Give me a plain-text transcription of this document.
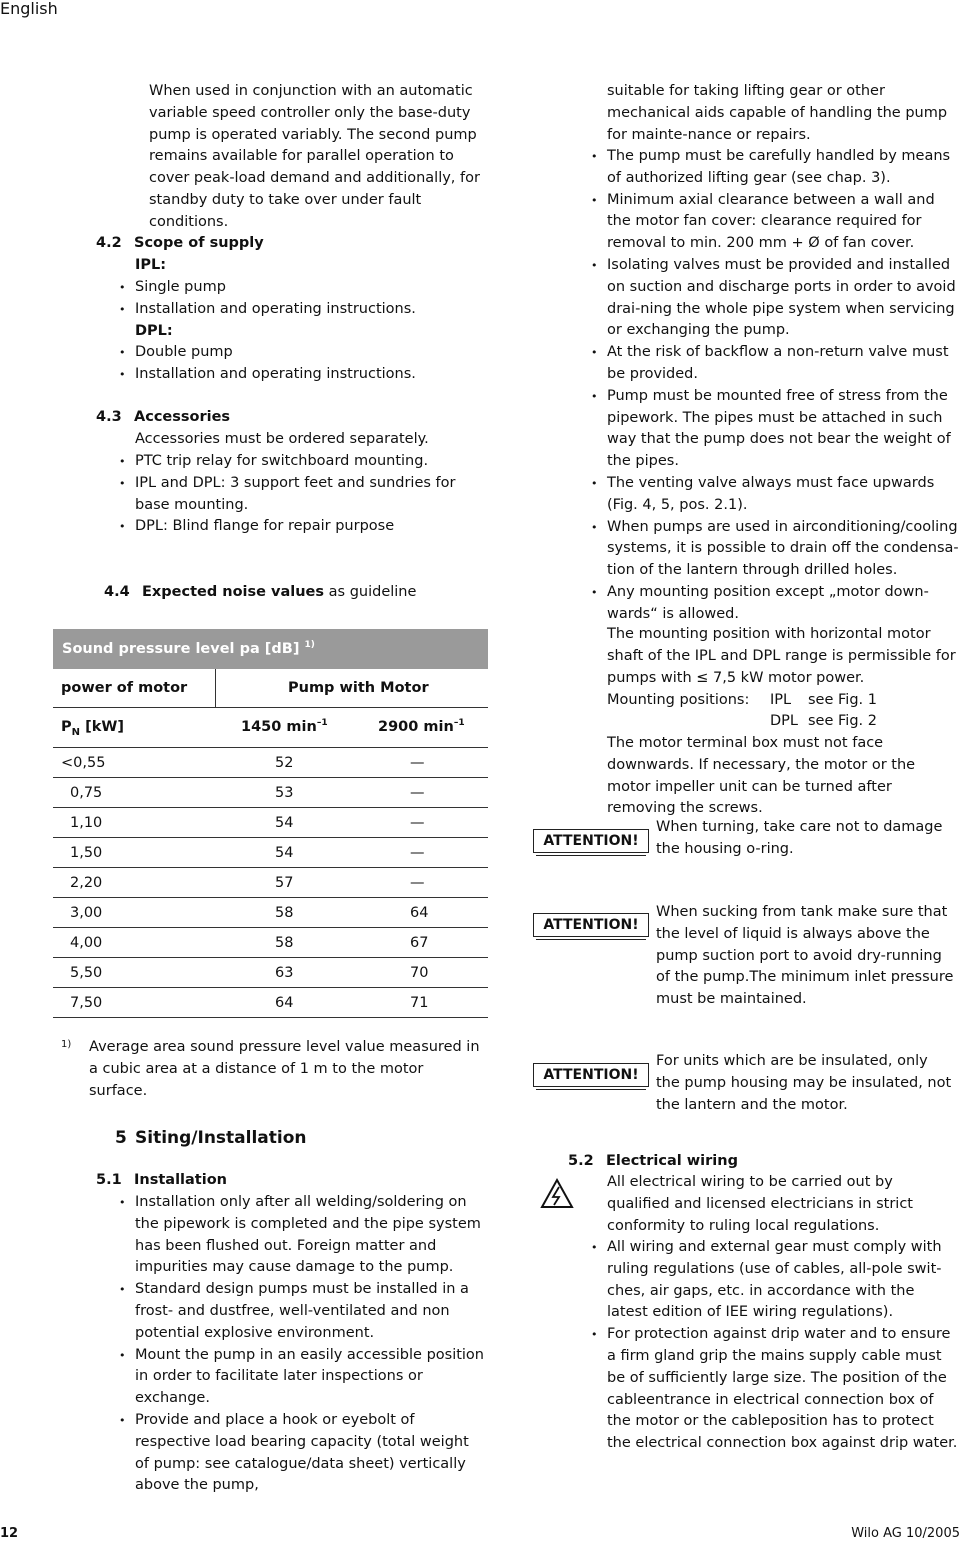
English

When used in conjunction with an automatic variable speed controller only the base-duty pump is operated variably. The second pump remains available for parallel operation to cover peak-load demand and additionally, for standby duty to take over under fault conditions.

4.2 Scope of supply
IPL:
• Single pump
• Installation and operating instructions.
DPL:
• Double pump
• Installation and operating instructions.
4.3 Accessories

Accessories must be ordered separately.

• PTC trip relay for switchboard mounting.
• IPL and DPL: 3 support feet and sundries for base mounting.
• DPL: Blind flange for repair purpose
4.4 Expected noise values as guideline
Sound pressure level pa [dB] $^{1)}$
power of motor	Pump with Motor
$P_N$ [kW]	1450 $\min^{-1}$	2900 $\min^{-1}$
<0,55	52	—
0,75	53	—
1,10	54	—
1,50	54	—
2,20	57	—
3,00	58	64
4,00	58	67
5,50	63	70
7,50	64	71
1) Average area sound pressure level value measured in a cubic area at a distance of 1 m to the motor surface.

5 Siting/Installation
5.1 Installation
• Installation only after all welding/soldering on the pipework is completed and the pipe system has been flushed out. Foreign matter and impurities may cause damage to the pump.
• Standard design pumps must be installed in a frost- and dustfree, well-ventilated and non potential explosive environment.
• Mount the pump in an easily accessible position in order to facilitate later inspections or exchange.
• Provide and place a hook or eyebolt of respective load bearing capacity (total weight of pump: see catalogue/data sheet) vertically above the pump,

suitable for taking lifting gear or other mechanical aids capable of handling the pump for mainte-nance or repairs.

• The pump must be carefully handled by means of authorized lifting gear (see chap. 3).
• Minimum axial clearance between a wall and the motor fan cover: clearance required for removal to min. 200 mm + Ø of fan cover.
• Isolating valves must be provided and installed on suction and discharge ports in order to avoid drai-ning the whole pipe system when servicing or exchanging the pump.
• At the risk of backflow a non-return valve must be provided.
• Pump must be mounted free of stress from the pipework. The pipes must be attached in such way that the pump does not bear the weight of the pipes.
• The venting valve always must face upwards (Fig. 4, 5, pos. 2.1).
• When pumps are used in airconditioning/cooling systems, it is possible to drain off the condensa-tion of the lantern through drilled holes.
• Any mounting position except „motor down-wards“ is allowed.

The mounting position with horizontal motor shaft of the IPL and DPL range is permissible for pumps with ≤ 7,5 kW motor power.

Mounting positions: IPL see Fig. 1
DPL see Fig. 2

The motor terminal box must not face downwards. If necessary, the motor or the motor impeller unit can be turned after removing the screws.

ATTENTION!

When turning, take care not to damage the housing o-ring.

ATTENTION!

When sucking from tank make sure that the level of liquid is always above the pump suction port to avoid dry-running of the pump.The minimum inlet pressure must be maintained.

ATTENTION!

For units which are be insulated, only the pump housing may be insulated, not the lantern and the motor.

5.2 Electrical wiring

All electrical wiring to be carried out by qualified and licensed electricians in strict conformity to ruling local regulations.

• All wiring and external gear must comply with ruling regulations (use of cables, all-pole swit-ches, air gaps, etc. in accordance with the latest edition of IEE wiring regulations).
• For protection against drip water and to ensure a firm gland grip the mains supply cable must be of sufficiently large size. The position of the cableentrance in electrical connection box of the motor or the cableposition has to protect the electrical connection box against drip water.
12	Wilo AG 10/2005
